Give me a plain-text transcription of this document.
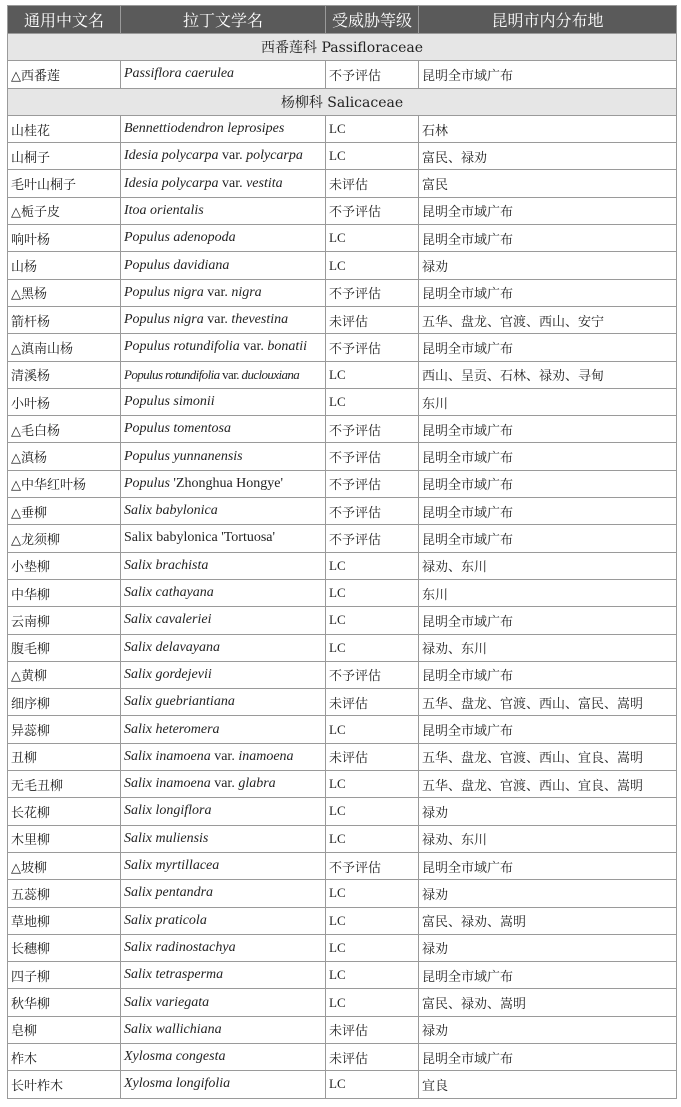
通用中文名	拉丁文学名	受威胁等级	昆明市内分布地
西番莲科 Passifloraceae			
△西番莲	Passiflora caerulea	不予评估	昆明全市域广布
杨柳科 Salicaceae			
山桂花	Bennettiodendron leprosipes	LC	石林
山桐子	Idesia polycarpa var. polycarpa	LC	富民、禄劝
毛叶山桐子	Idesia polycarpa var. vestita	未评估	富民
△栀子皮	Itoa orientalis	不予评估	昆明全市域广布
响叶杨	Populus adenopoda	LC	昆明全市域广布
山杨	Populus davidiana	LC	禄劝
△黑杨	Populus nigra var. nigra	不予评估	昆明全市域广布
箭杆杨	Populus nigra var. thevestina	未评估	五华、盘龙、官渡、西山、安宁
△滇南山杨	Populus rotundifolia var. bonatii	不予评估	昆明全市域广布
清溪杨	Populus rotundifolia var. duclouxiana	LC	西山、呈贡、石林、禄劝、寻甸
小叶杨	Populus simonii	LC	东川
△毛白杨	Populus tomentosa	不予评估	昆明全市域广布
△滇杨	Populus yunnanensis	不予评估	昆明全市域广布
△中华红叶杨	Populus 'Zhonghua Hongye'	不予评估	昆明全市域广布
△垂柳	Salix babylonica	不予评估	昆明全市域广布
△龙须柳	Salix babylonica 'Tortuosa'	不予评估	昆明全市域广布
小垫柳	Salix brachista	LC	禄劝、东川
中华柳	Salix cathayana	LC	东川
云南柳	Salix cavaleriei	LC	昆明全市域广布
腹毛柳	Salix delavayana	LC	禄劝、东川
△黄柳	Salix gordejevii	不予评估	昆明全市域广布
细序柳	Salix guebriantiana	未评估	五华、盘龙、官渡、西山、富民、嵩明
异蕊柳	Salix heteromera	LC	昆明全市域广布
丑柳	Salix inamoena var. inamoena	未评估	五华、盘龙、官渡、西山、宜良、嵩明
无毛丑柳	Salix inamoena var. glabra	LC	五华、盘龙、官渡、西山、宜良、嵩明
长花柳	Salix longiflora	LC	禄劝
木里柳	Salix muliensis	LC	禄劝、东川
△坡柳	Salix myrtillacea	不予评估	昆明全市域广布
五蕊柳	Salix pentandra	LC	禄劝
草地柳	Salix praticola	LC	富民、禄劝、嵩明
长穗柳	Salix radinostachya	LC	禄劝
四子柳	Salix tetrasperma	LC	昆明全市域广布
秋华柳	Salix variegata	LC	富民、禄劝、嵩明
皂柳	Salix wallichiana	未评估	禄劝
柞木	Xylosma congesta	未评估	昆明全市域广布
长叶柞木	Xylosma longifolia	LC	宜良
